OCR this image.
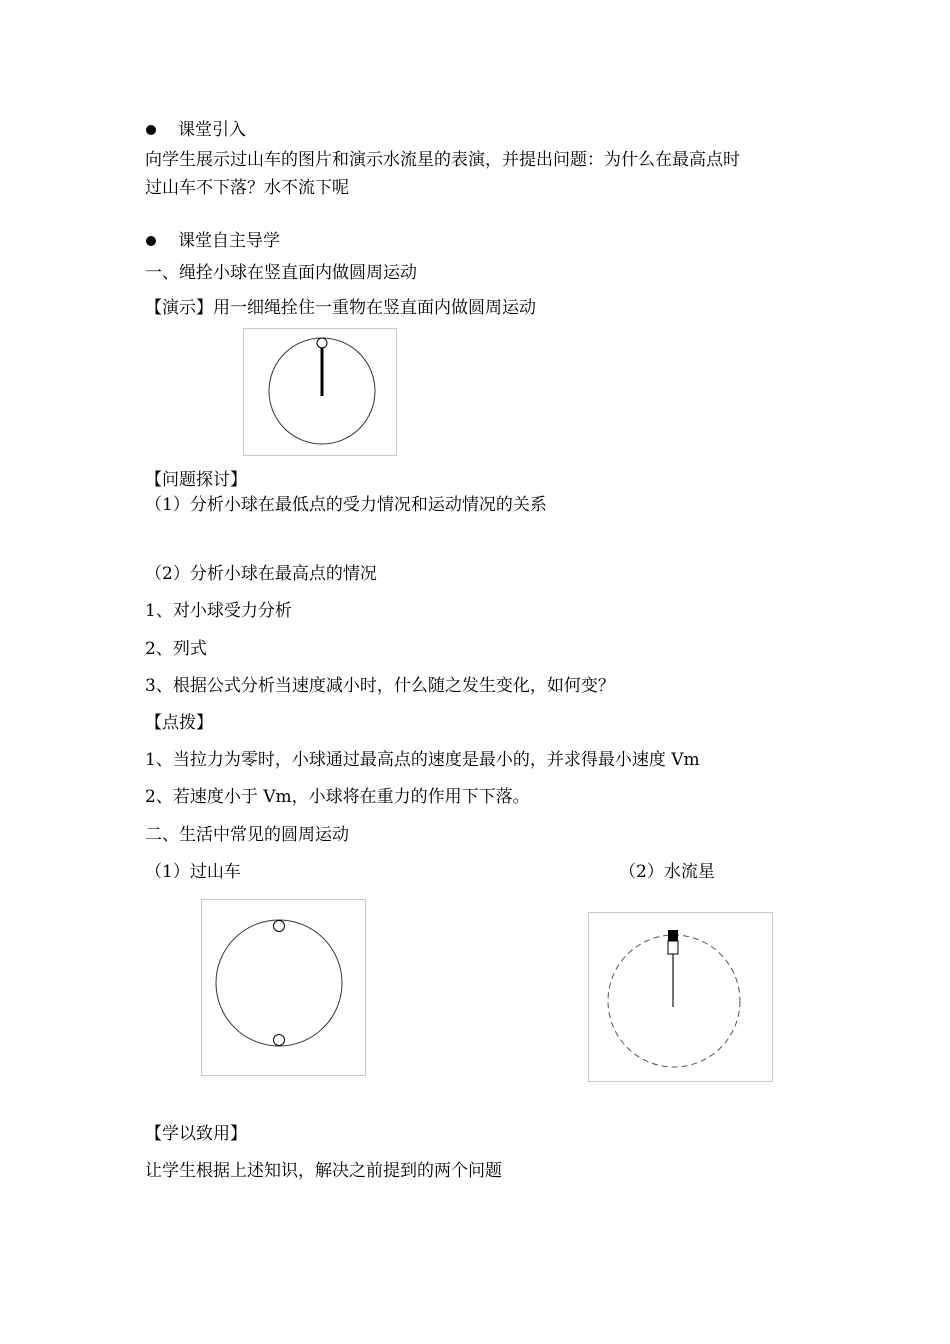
课堂引入
向学生展示过山车的图片和演示水流星的表演，并提出问题：为什么在最高点时
过山车不下落？水不流下呢
课堂自主导学
一、绳拴小球在竖直面内做圆周运动
【演示】用一细绳拴住一重物在竖直面内做圆周运动
【问题探讨】
（1）分析小球在最低点的受力情况和运动情况的关系
（2）分析小球在最高点的情况
1、对小球受力分析
2、列式
3、根据公式分析当速度减小时，什么随之发生变化，如何变？
【点拨】
1、当拉力为零时，小球通过最高点的速度是最小的，并求得最小速度 Vm
2、若速度小于 Vm，小球将在重力的作用下下落。
二、生活中常见的圆周运动
（1）过山车	（2）水流星
【学以致用】
让学生根据上述知识，解决之前提到的两个问题
